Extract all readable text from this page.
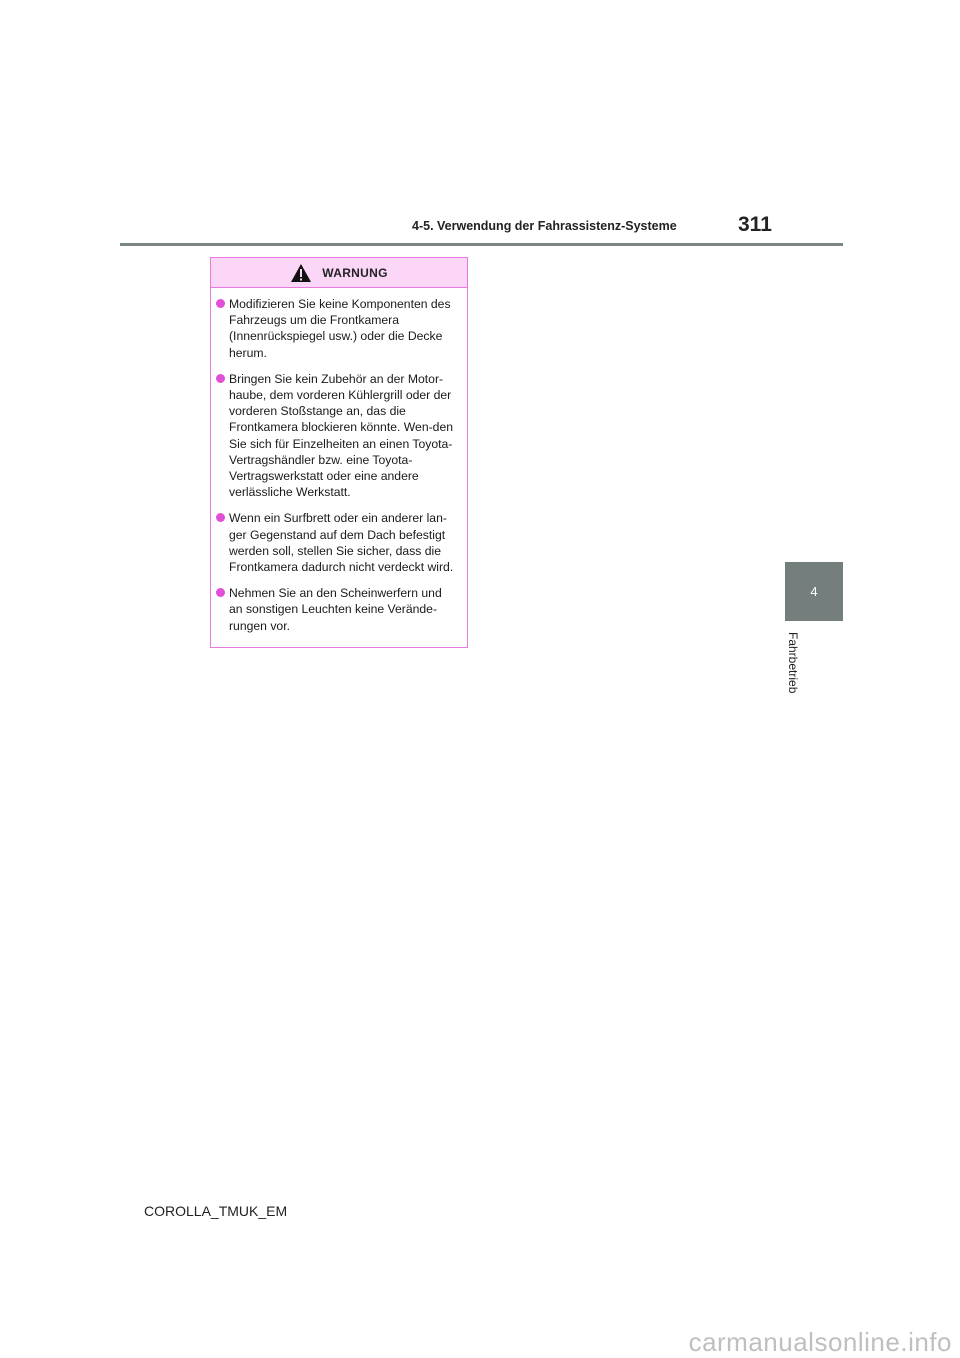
4-5. Verwendung der Fahrassistenz-Systeme	311
4
Fahrbetrieb
WARNUNG
Modifizieren Sie keine Komponenten des Fahrzeugs um die Frontkamera (Innenrückspiegel usw.) oder die Decke herum.
Bringen Sie kein Zubehör an der Motor-haube, dem vorderen Kühlergrill oder der vorderen Stoßstange an, das die Frontkamera blockieren könnte. Wen-den Sie sich für Einzelheiten an einen Toyota-Vertragshändler bzw. eine Toyota-Vertragswerkstatt oder eine andere verlässliche Werkstatt.
Wenn ein Surfbrett oder ein anderer lan-ger Gegenstand auf dem Dach befestigt werden soll, stellen Sie sicher, dass die Frontkamera dadurch nicht verdeckt wird.
Nehmen Sie an den Scheinwerfern und an sonstigen Leuchten keine Verände-rungen vor.
COROLLA_TMUK_EM
carmanualsonline.info
